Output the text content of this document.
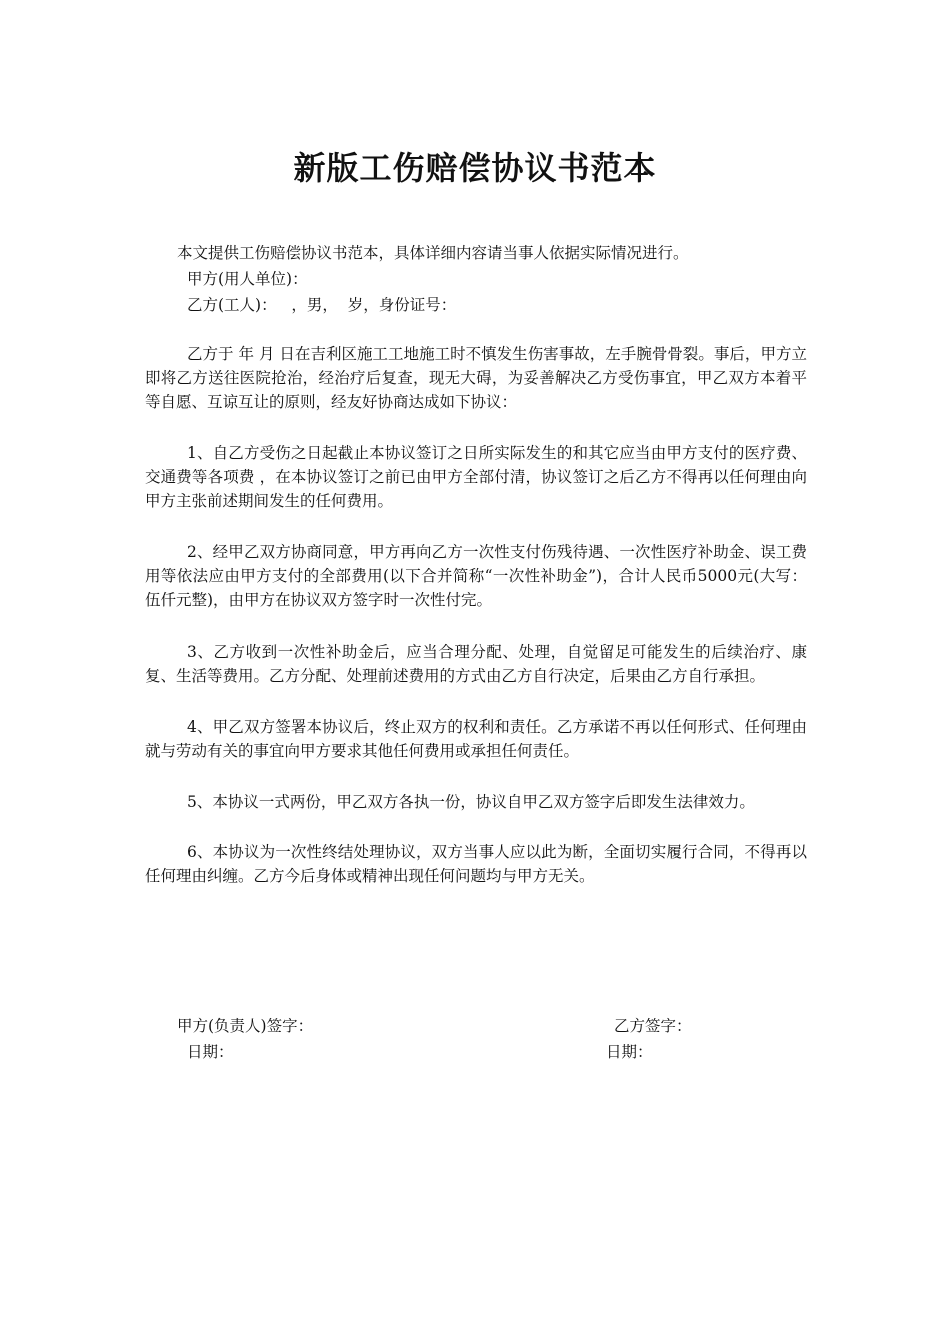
新版工伤赔偿协议书范本
本文提供工伤赔偿协议书范本，具体详细内容请当事人依据实际情况进行。
甲方(用人单位)：
乙方(工人)：   ，男，  岁，身份证号：
乙方于 年 月 日在吉利区施工工地施工时不慎发生伤害事故，左手腕骨骨裂。事后，甲方立即将乙方送往医院抢治，经治疗后复查，现无大碍，为妥善解决乙方受伤事宜，甲乙双方本着平等自愿、互谅互让的原则，经友好协商达成如下协议：
1、自乙方受伤之日起截止本协议签订之日所实际发生的和其它应当由甲方支付的医疗费、交通费等各项费 ，在本协议签订之前已由甲方全部付清，协议签订之后乙方不得再以任何理由向甲方主张前述期间发生的任何费用。
2、经甲乙双方协商同意，甲方再向乙方一次性支付伤残待遇、一次性医疗补助金、误工费用等依法应由甲方支付的全部费用(以下合并简称“一次性补助金”)，合计人民币5000元(大写：伍仟元整)，由甲方在协议双方签字时一次性付完。
3、乙方收到一次性补助金后，应当合理分配、处理，自觉留足可能发生的后续治疗、康复、生活等费用。乙方分配、处理前述费用的方式由乙方自行决定，后果由乙方自行承担。
4、甲乙双方签署本协议后，终止双方的权利和责任。乙方承诺不再以任何形式、任何理由就与劳动有关的事宜向甲方要求其他任何费用或承担任何责任。
5、本协议一式两份，甲乙双方各执一份，协议自甲乙双方签字后即发生法律效力。
6、本协议为一次性终结处理协议，双方当事人应以此为断，全面切实履行合同，不得再以任何理由纠缠。乙方今后身体或精神出现任何问题均与甲方无关。
甲方(负责人)签字：
日期：
乙方签字：
日期：
